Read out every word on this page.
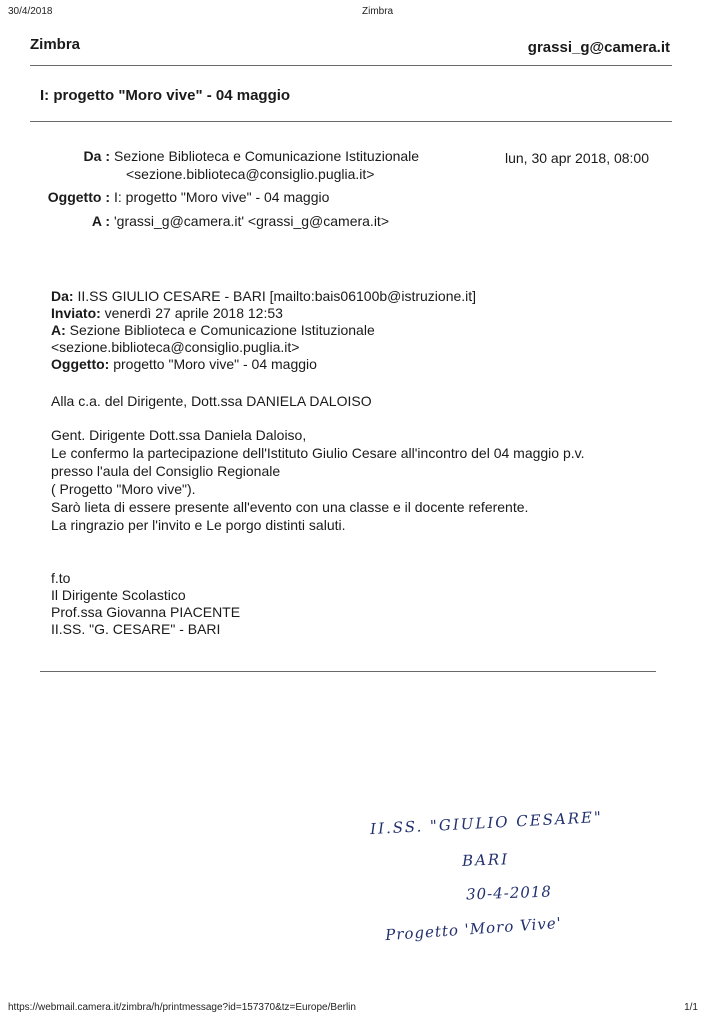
30/4/2018	Zimbra
Zimbra	grassi_g@camera.it
I: progetto "Moro vive" - 04 maggio
Da : Sezione Biblioteca e Comunicazione Istituzionale
<sezione.biblioteca@consiglio.puglia.it>
lun, 30 apr 2018, 08:00
Oggetto : I: progetto "Moro vive" - 04 maggio
A : 'grassi_g@camera.it' <grassi_g@camera.it>
Da: II.SS GIULIO CESARE - BARI [mailto:bais06100b@istruzione.it]
Inviato: venerdì 27 aprile 2018 12:53
A: Sezione Biblioteca e Comunicazione Istituzionale
<sezione.biblioteca@consiglio.puglia.it>
Oggetto: progetto "Moro vive" - 04 maggio
Alla c.a. del Dirigente, Dott.ssa DANIELA DALOISO
Gent. Dirigente Dott.ssa Daniela Daloiso,
Le confermo la partecipazione dell'Istituto Giulio Cesare all'incontro del 04 maggio p.v.
presso l'aula del Consiglio Regionale
( Progetto "Moro vive").
Sarò lieta di essere presente all'evento con una classe e il docente referente.
La ringrazio per l'invito e Le porgo distinti saluti.
f.to
Il Dirigente Scolastico
Prof.ssa Giovanna PIACENTE
II.SS. "G. CESARE" - BARI
II.SS. "GIULIO CESARE"
BARI
30-4-2018
Progetto 'Moro Vive'
https://webmail.camera.it/zimbra/h/printmessage?id=157370&tz=Europe/Berlin	1/1
